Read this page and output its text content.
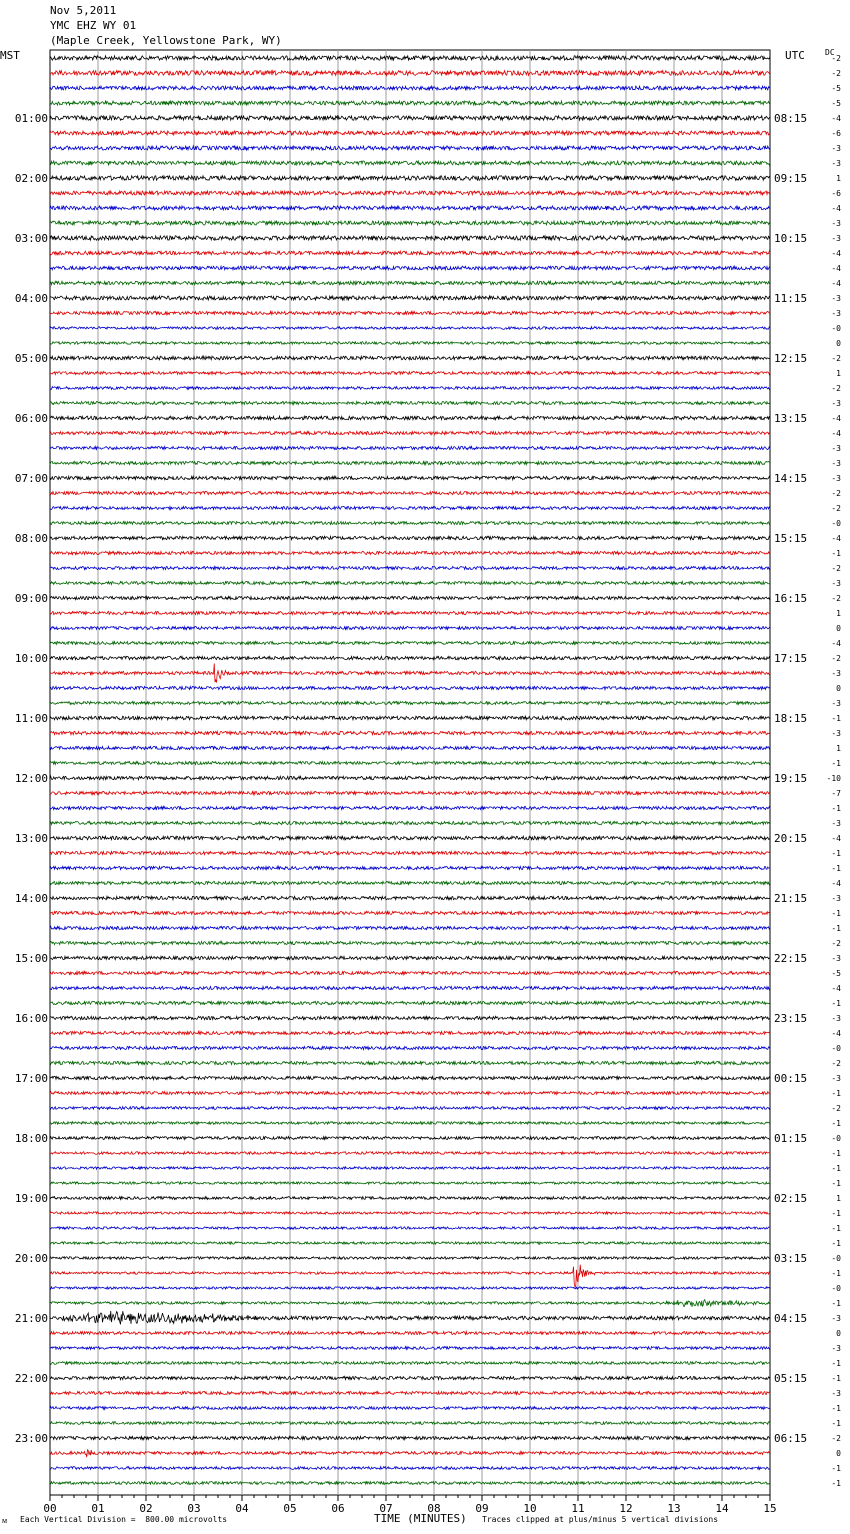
Nov 5,2011
YMC EHZ WY 01
(Maple Creek, Yellowstone Park, WY)
MST	UTC	DC
-2
-2
-5
-5
-4
-6
-3
-3
1
-6
-4
-3
-3
-4
-4
-4
-3
-3
-0
0
-2
1
-2
-3
-4
-4
-3
-3
-3
-2
-2
-0
-4
-1
-2
-3
-2
1
0
-4
-2
-3
0
-3
-1
-3
1
-1
-10
-7
-1
-3
-4
-1
-1
-4
-3
-1
-1
-2
-3
-5
-4
-1
-3
-4
-0
-2
-3
-1
-2
-1
-0
-1
-1
-1
1
-1
-1
-1
-0
-1
-0
-1
-3
0
-3
-1
-1
-3
-1
-1
-2
0
-1
-1
01:00
02:00
03:00
04:00
05:00
06:00
07:00
08:00
09:00
10:00
11:00
12:00
13:00
14:00
15:00
16:00
17:00
18:00
19:00
20:00
21:00
22:00
23:00
08:15
09:15
10:15
11:15
12:15
13:15
14:15
15:15
16:15
17:15
18:15
19:15
20:15
21:15
22:15
23:15
00:15
01:15
02:15
03:15
04:15
05:15
06:15
00	01	02	03	04	05	06	07	08	09	10	11	12	13	14	15
ᴍ Each Vertical Division =  800.00 microvolts	TIME (MINUTES) Traces clipped at plus/minus 5 vertical divisions
